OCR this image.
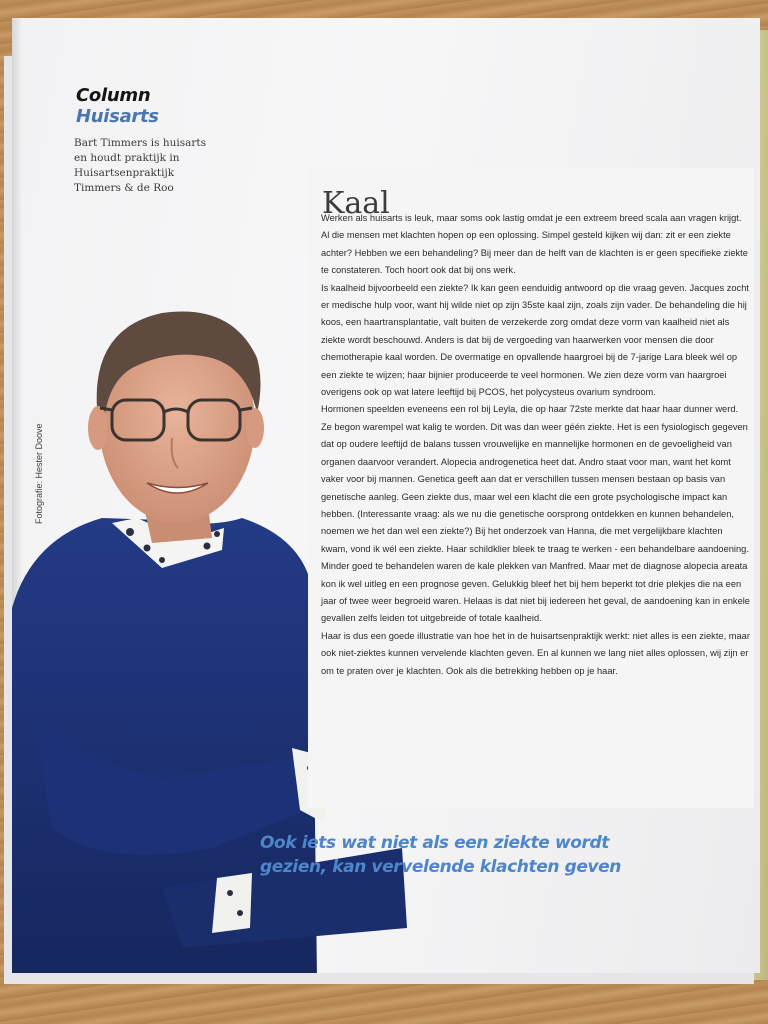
Column
Huisarts
Bart Timmers is huisarts
en houdt praktijk in
Huisartsenpraktijk
Timmers & de Roo
Fotografie: Hester Doove
Kaal

Werken als huisarts is leuk, maar soms ook lastig omdat je een extreem breed scala aan vragen krijgt. Al die mensen met klachten hopen op een oplossing. Simpel gesteld kijken wij dan: zit er een ziekte achter? Hebben we een behandeling? Bij meer dan de helft van de klachten is er geen specifieke ziekte te constateren. Toch hoort ook dat bij ons werk.

Is kaalheid bijvoorbeeld een ziekte? Ik kan geen eenduidig antwoord op die vraag geven. Jacques zocht er medische hulp voor, want hij wilde niet op zijn 35ste kaal zijn, zoals zijn vader. De behandeling die hij koos, een haartransplantatie, valt buiten de verzekerde zorg omdat deze vorm van kaalheid niet als ziekte wordt beschouwd. Anders is dat bij de vergoeding van haarwerken voor mensen die door chemotherapie kaal worden. De overmatige en opvallende haargroei bij de 7-jarige Lara bleek wél op een ziekte te wijzen; haar bijnier produceerde te veel hormonen. We zien deze vorm van haargroei overigens ook op wat latere leeftijd bij PCOS, het polycysteus ovarium syndroom.

Hormonen speelden eveneens een rol bij Leyla, die op haar 72ste merkte dat haar haar dunner werd. Ze begon warempel wat kalig te worden. Dit was dan weer géén ziekte. Het is een fysiologisch gegeven dat op oudere leeftijd de balans tussen vrouwelijke en mannelijke hormonen en de gevoeligheid van organen daarvoor verandert. Alopecia androgenetica heet dat. Andro staat voor man, want het komt vaker voor bij mannen. Genetica geeft aan dat er verschillen tussen mensen bestaan op basis van genetische aanleg. Geen ziekte dus, maar wel een klacht die een grote psychologische impact kan hebben. (Interessante vraag: als we nu die genetische oorsprong ontdekken en kunnen behandelen, noemen we het dan wel een ziekte?) Bij het onderzoek van Hanna, die met vergelijkbare klachten kwam, vond ik wél een ziekte. Haar schildklier bleek te traag te werken - een behandelbare aandoening. Minder goed te behandelen waren de kale plekken van Manfred. Maar met de diagnose alopecia areata kon ik wel uitleg en een prognose geven. Gelukkig bleef het bij hem beperkt tot drie plekjes die na een jaar of twee weer begroeid waren. Helaas is dat niet bij iedereen het geval, de aandoening kan in enkele gevallen zelfs leiden tot uitgebreide of totale kaalheid.

Haar is dus een goede illustratie van hoe het in de huisartsenpraktijk werkt: niet alles is een ziekte, maar ook niet-ziektes kunnen vervelende klachten geven. En al kunnen we lang niet alles oplossen, wij zijn er om te praten over je klachten. Ook als die betrekking hebben op je haar.

Ook iets wat niet als een ziekte wordt
gezien, kan vervelende klachten geven
